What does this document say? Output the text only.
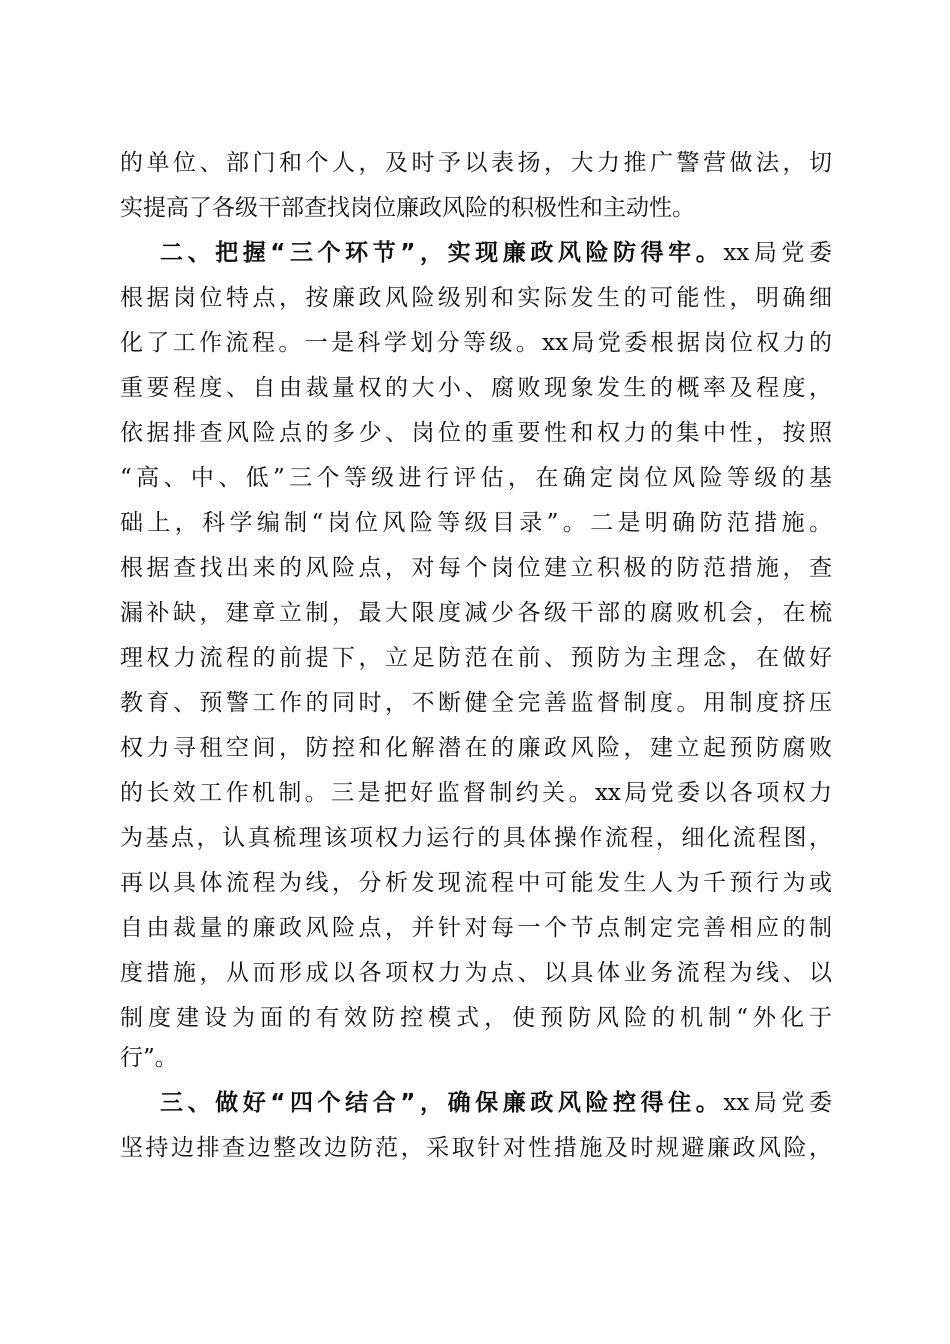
的单位、部门和个人，及时予以表扬，大力推广警营做法，切
实提高了各级干部查找岗位廉政风险的积极性和主动性。
二、把握“三个环节”，实现廉政风险防得牢。xx局党委
根据岗位特点，按廉政风险级别和实际发生的可能性，明确细
化了工作流程。一是科学划分等级。xx局党委根据岗位权力的
重要程度、自由裁量权的大小、腐败现象发生的概率及程度，
依据排查风险点的多少、岗位的重要性和权力的集中性，按照
“高、中、低”三个等级进行评估，在确定岗位风险等级的基
础上，科学编制“岗位风险等级目录”。二是明确防范措施。
根据查找出来的风险点，对每个岗位建立积极的防范措施，查
漏补缺，建章立制，最大限度减少各级干部的腐败机会，在梳
理权力流程的前提下，立足防范在前、预防为主理念，在做好
教育、预警工作的同时，不断健全完善监督制度。用制度挤压
权力寻租空间，防控和化解潜在的廉政风险，建立起预防腐败
的长效工作机制。三是把好监督制约关。xx局党委以各项权力
为基点，认真梳理该项权力运行的具体操作流程，细化流程图，
再以具体流程为线，分析发现流程中可能发生人为千预行为或
自由裁量的廉政风险点，并针对每一个节点制定完善相应的制
度措施，从而形成以各项权力为点、以具体业务流程为线、以
制度建设为面的有效防控模式，使预防风险的机制“外化于
行”。
三、做好“四个结合”，确保廉政风险控得住。xx局党委
坚持边排查边整改边防范，采取针对性措施及时规避廉政风险，
